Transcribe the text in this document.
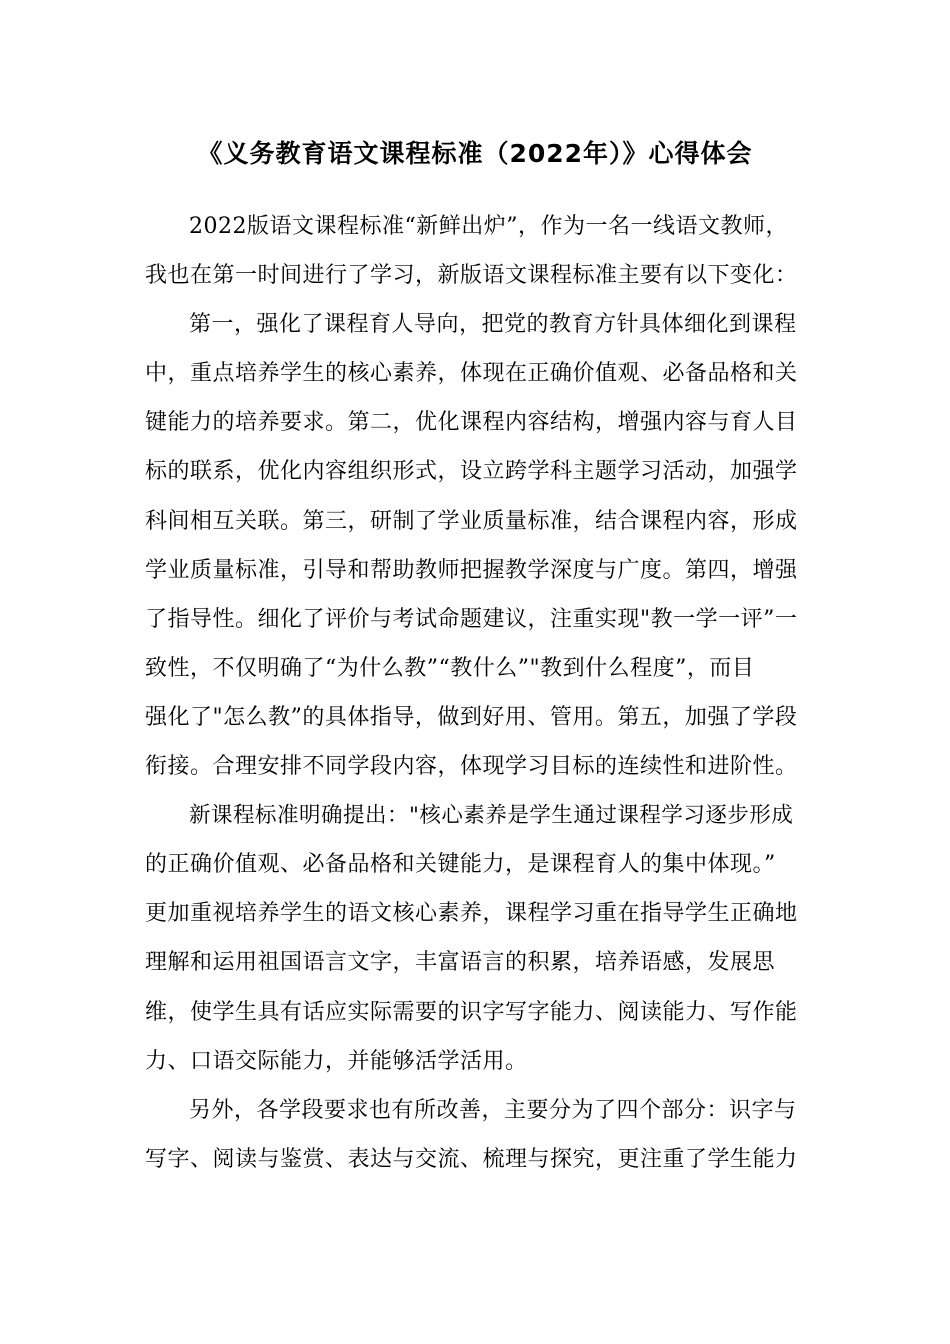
《义务教育语文课程标准（2022年）》心得体会

2022版语文课程标准“新鲜出炉”，作为一名一线语文教师，

我也在第一时间进行了学习，新版语文课程标准主要有以下变化：

第一，强化了课程育人导向，把党的教育方针具体细化到课程

中，重点培养学生的核心素养，体现在正确价值观、必备品格和关

键能力的培养要求。第二，优化课程内容结构，增强内容与育人目

标的联系，优化内容组织形式，设立跨学科主题学习活动，加强学

科间相互关联。第三，研制了学业质量标准，结合课程内容，形成

学业质量标准，引导和帮助教师把握教学深度与广度。第四，增强

了指导性。细化了评价与考试命题建议，注重实现"教一学一评”一

致性，不仅明确了“为什么教”“教什么”"教到什么程度”，而目

强化了"怎么教”的具体指导，做到好用、管用。第五，加强了学段

衔接。合理安排不同学段内容，体现学习目标的连续性和进阶性。

新课程标准明确提出："核心素养是学生通过课程学习逐步形成

的正确价值观、必备品格和关键能力，是课程育人的集中体现。”

更加重视培养学生的语文核心素养，课程学习重在指导学生正确地

理解和运用祖国语言文字，丰富语言的积累，培养语感，发展思

维，使学生具有话应实际需要的识字写字能力、阅读能力、写作能

力、口语交际能力，并能够活学活用。

另外，各学段要求也有所改善，主要分为了四个部分：识字与

写字、阅读与鉴赏、表达与交流、梳理与探究，更注重了学生能力
